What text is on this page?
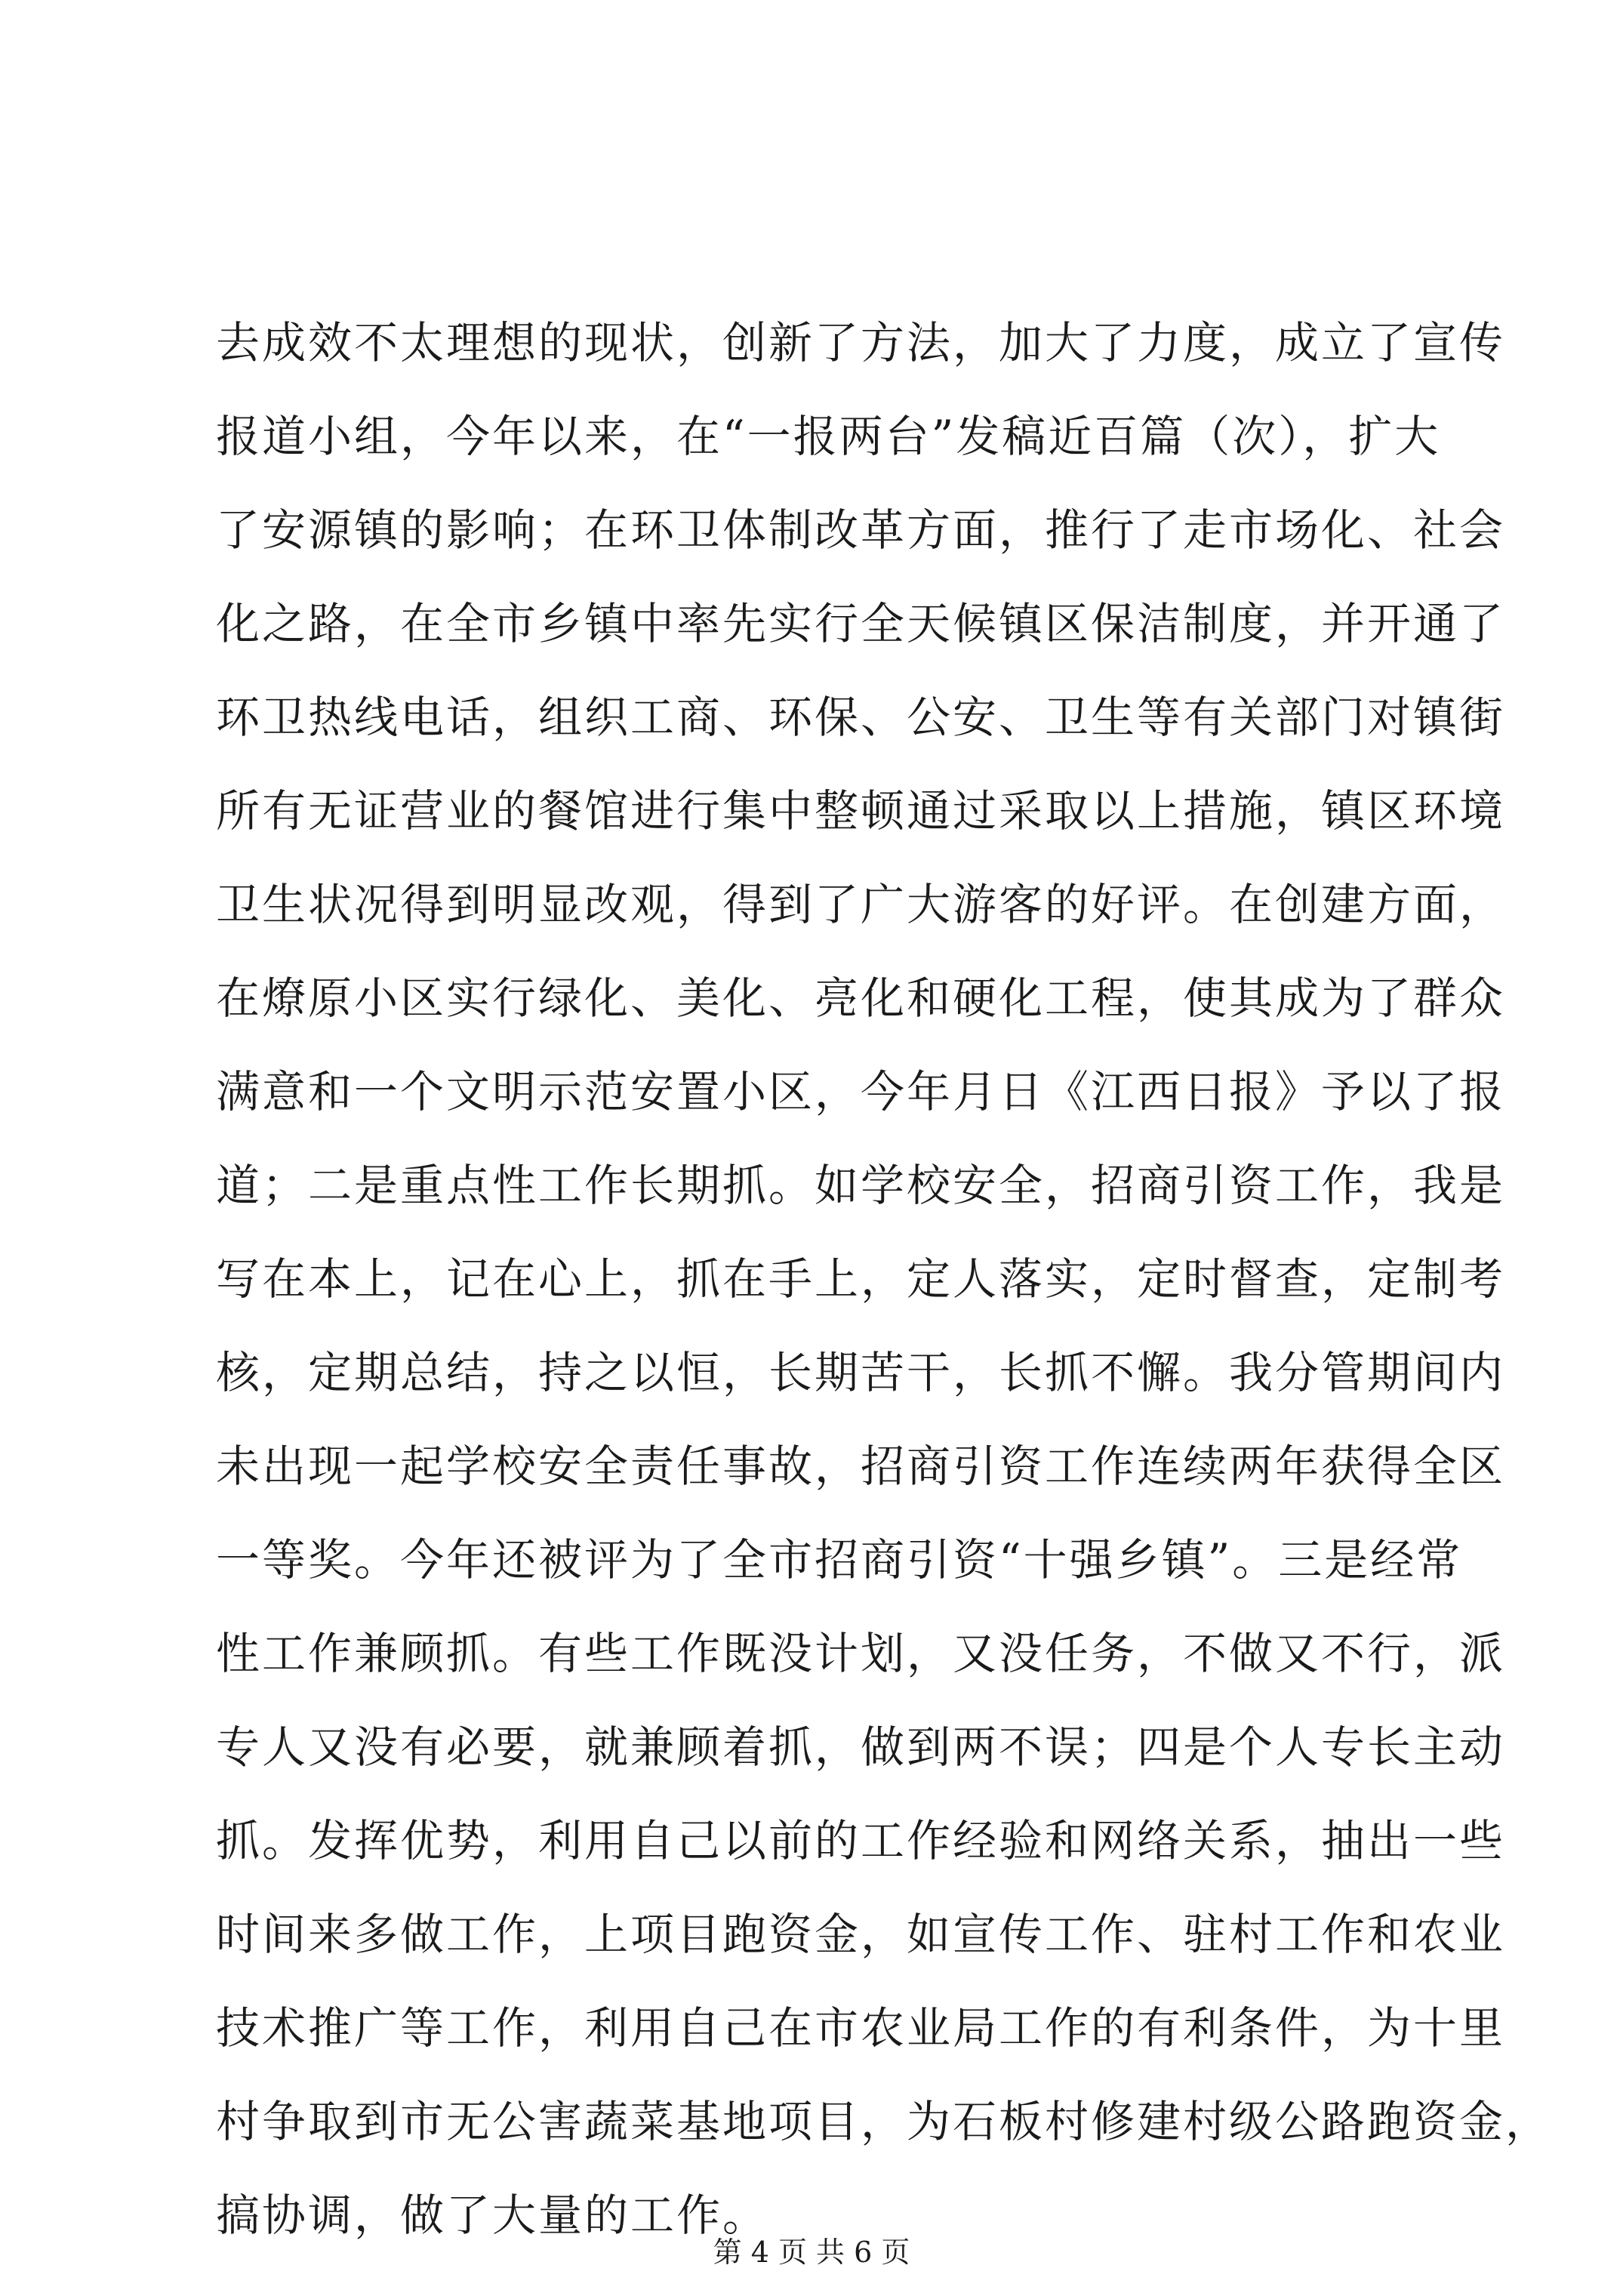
去成效不太理想的现状，创新了方法，加大了力度，成立了宣传
报道小组，今年以来，在“一报两台”发稿近百篇（次），扩大
了安源镇的影响；在环卫体制改革方面，推行了走市场化、社会
化之路，在全市乡镇中率先实行全天候镇区保洁制度，并开通了
环卫热线电话，组织工商、环保、公安、卫生等有关部门对镇街
所有无证营业的餐馆进行集中整顿通过采取以上措施，镇区环境
卫生状况得到明显改观，得到了广大游客的好评。在创建方面，
在燎原小区实行绿化、美化、亮化和硬化工程，使其成为了群众
满意和一个文明示范安置小区，今年月日《江西日报》予以了报
道；二是重点性工作长期抓。如学校安全，招商引资工作，我是
写在本上，记在心上，抓在手上，定人落实，定时督查，定制考
核，定期总结，持之以恒，长期苦干，长抓不懈。我分管期间内
未出现一起学校安全责任事故，招商引资工作连续两年获得全区
一等奖。今年还被评为了全市招商引资“十强乡镇”。三是经常
性工作兼顾抓。有些工作既没计划，又没任务，不做又不行，派
专人又没有必要，就兼顾着抓，做到两不误；四是个人专长主动
抓。发挥优势，利用自己以前的工作经验和网络关系，抽出一些
时间来多做工作，上项目跑资金，如宣传工作、驻村工作和农业
技术推广等工作，利用自己在市农业局工作的有利条件，为十里
村争取到市无公害蔬菜基地项目，为石板村修建村级公路跑资金，
搞协调，做了大量的工作。
第 4 页 共 6 页
